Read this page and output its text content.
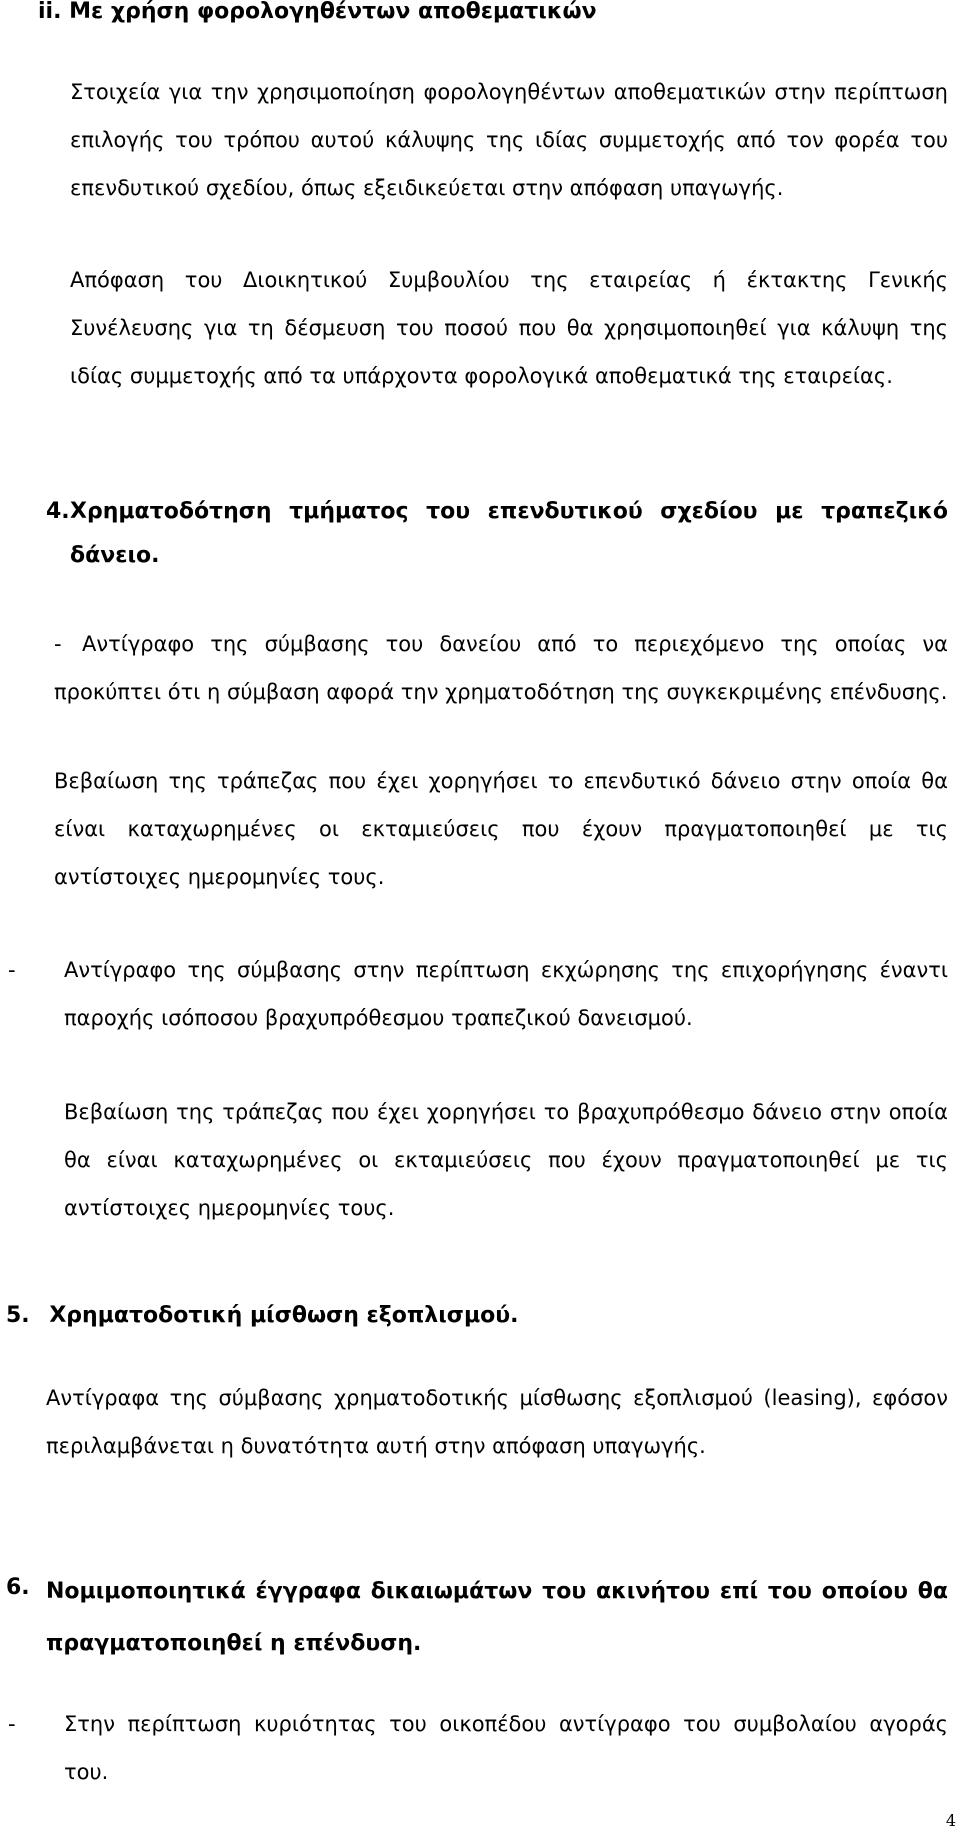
ii. Με χρήση φορολογηθέντων αποθεματικών

Στοιχεία για την χρησιμοποίηση φορολογηθέντων αποθεματικών στην περίπτωση επιλογής του τρόπου αυτού κάλυψης της ιδίας συμμετοχής από τον φορέα του επενδυτικού σχεδίου, όπως εξειδικεύεται στην απόφαση υπαγωγής.

Απόφαση του Διοικητικού Συμβουλίου της εταιρείας ή έκτακτης Γενικής Συνέλευσης για τη δέσμευση του ποσού που θα χρησιμοποιηθεί για κάλυψη της ιδίας συμμετοχής από τα υπάρχοντα φορολογικά αποθεματικά της εταιρείας.

4. Χρηματοδότηση τμήματος του επενδυτικού σχεδίου με τραπεζικό δάνειο.
- Αντίγραφο της σύμβασης του δανείου από το περιεχόμενο της οποίας να προκύπτει ότι η σύμβαση αφορά την χρηματοδότηση της συγκεκριμένης επένδυσης.

Βεβαίωση της τράπεζας που έχει χορηγήσει το επενδυτικό δάνειο στην οποία θα είναι καταχωρημένες οι εκταμιεύσεις που έχουν πραγματοποιηθεί με τις αντίστοιχες ημερομηνίες τους.

- Αντίγραφο της σύμβασης στην περίπτωση εκχώρησης της επιχορήγησης έναντι παροχής ισόποσου βραχυπρόθεσμου τραπεζικού δανεισμού.

Βεβαίωση της τράπεζας που έχει χορηγήσει το βραχυπρόθεσμο δάνειο στην οποία θα είναι καταχωρημένες οι εκταμιεύσεις που έχουν πραγματοποιηθεί με τις αντίστοιχες ημερομηνίες τους.

5. Χρηματοδοτική μίσθωση εξοπλισμού.

Αντίγραφα της σύμβασης χρηματοδοτικής μίσθωσης εξοπλισμού (leasing), εφόσον περιλαμβάνεται η δυνατότητα αυτή στην απόφαση υπαγωγής.

6. Νομιμοποιητικά έγγραφα δικαιωμάτων του ακινήτου επί του οποίου θα πραγματοποιηθεί η επένδυση.
- Στην περίπτωση κυριότητας του οικοπέδου αντίγραφο του συμβολαίου αγοράς του.

4
